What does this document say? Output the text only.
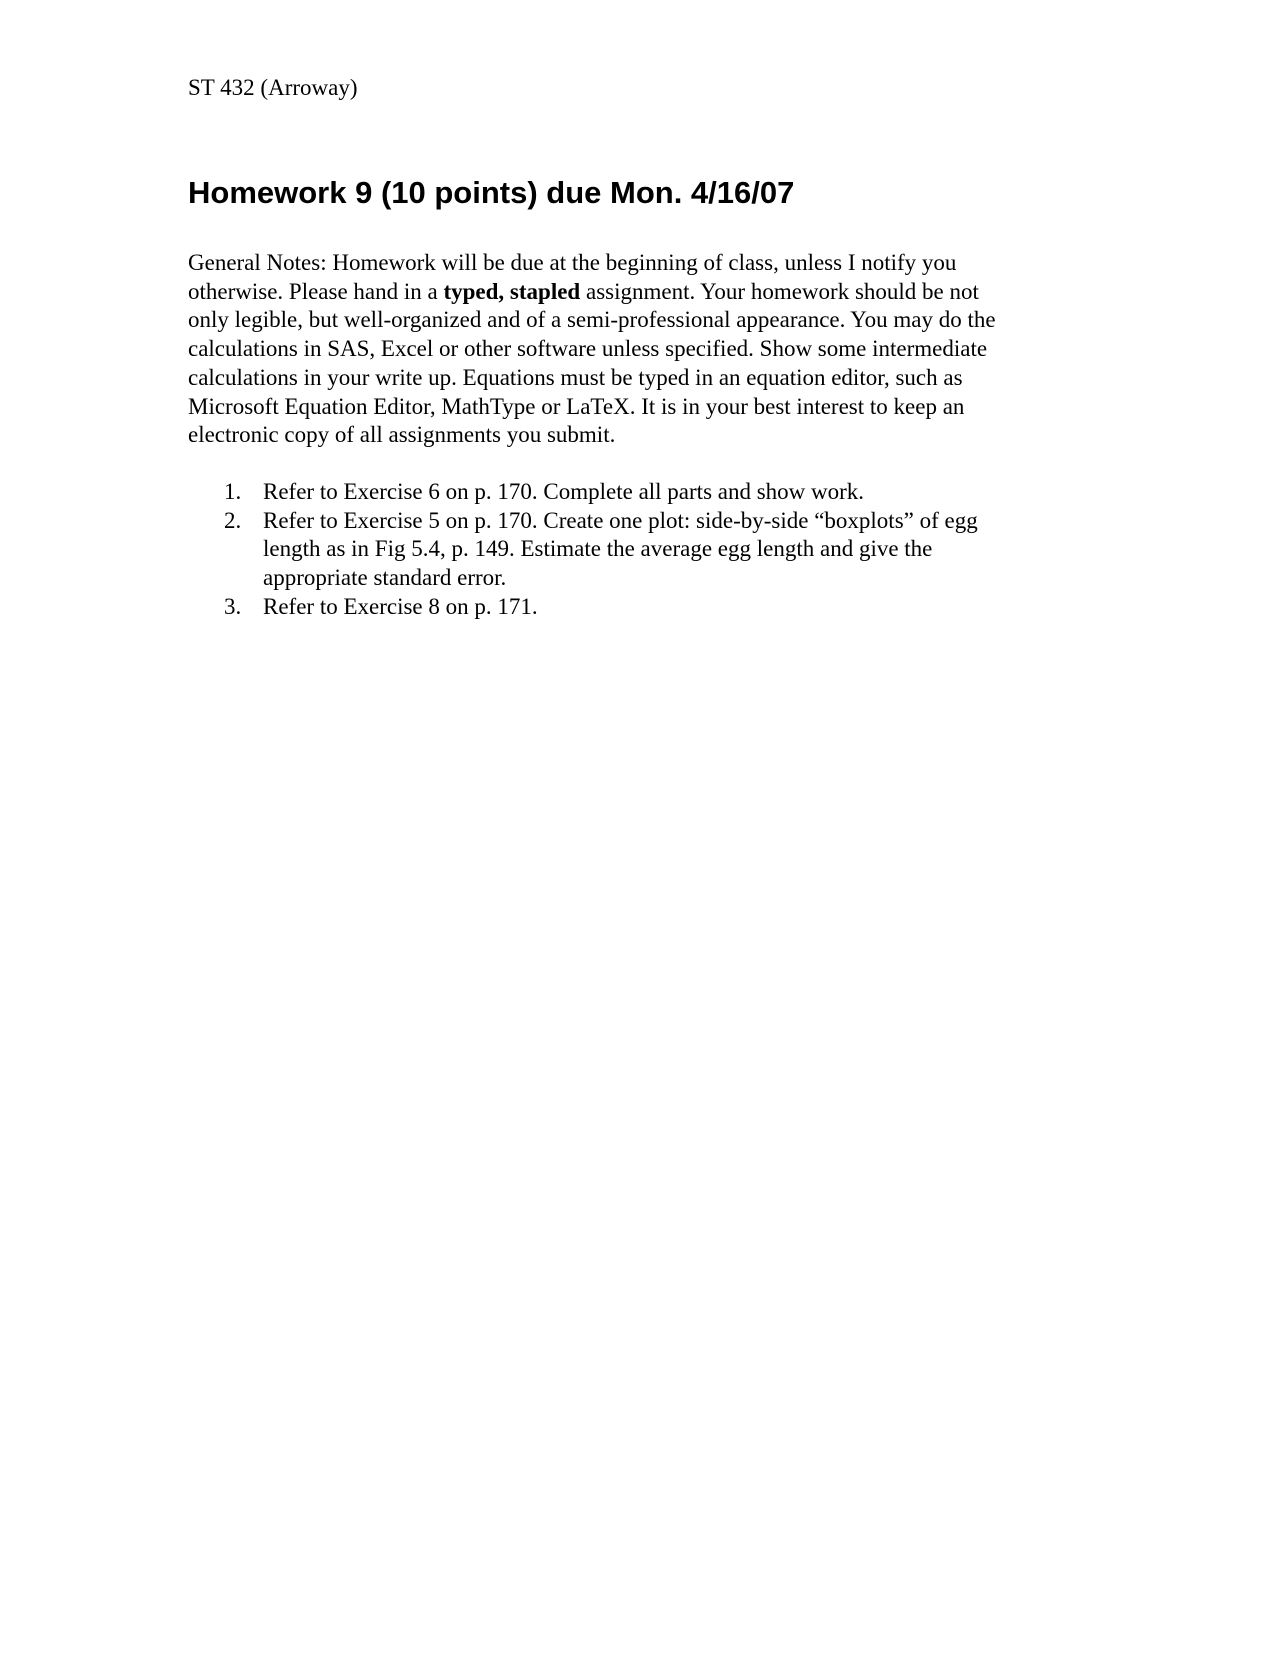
ST 432 (Arroway)
Homework 9 (10 points) due Mon. 4/16/07

General Notes: Homework will be due at the beginning of class, unless I notify you
otherwise. Please hand in a typed, stapled assignment. Your homework should be not
only legible, but well-organized and of a semi-professional appearance. You may do the
calculations in SAS, Excel or other software unless specified. Show some intermediate
calculations in your write up. Equations must be typed in an equation editor, such as
Microsoft Equation Editor, MathType or LaTeX. It is in your best interest to keep an
electronic copy of all assignments you submit.

1. Refer to Exercise 6 on p. 170. Complete all parts and show work.
2. Refer to Exercise 5 on p. 170. Create one plot: side-by-side “boxplots” of egg
length as in Fig 5.4, p. 149. Estimate the average egg length and give the
appropriate standard error.
3. Refer to Exercise 8 on p. 171.
